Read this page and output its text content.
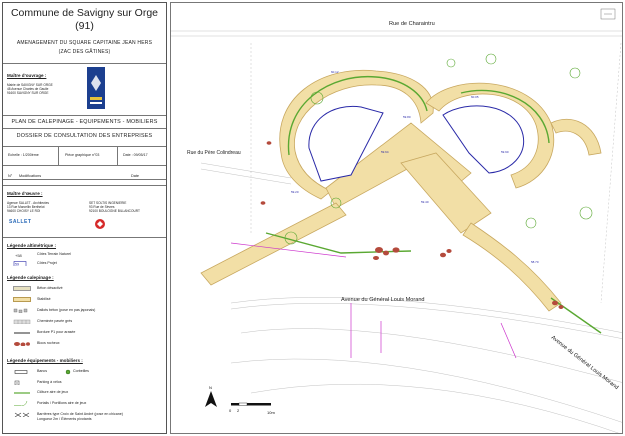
Commune de Savigny sur Orge
(91)
AMENAGEMENT DU SQUARE CAPITAINE JEAN HERS
(ZAC DES GÂTINES)
Maître d'ouvrage :
Mairie de SAVIGNY SUR ORGE
48 Avenue Charles de Gaulle
91600 SAVIGNY SUR ORGE
PLAN DE CALEPINAGE - EQUIPEMENTS - MOBILIERS
DOSSIER DE CONSULTATION DES ENTREPRISES
Echelle : 1/200ème	Pièce graphique n°03	Date : 09/05/17
N° Modifications	Date
Maître d'œuvre :
Agence SALLET - Architectes
13 Rue Marcellin Berthelot
94600 CHOISY LE ROI
SET SOLTIS INGENIERIE
93 Rue de Sèvres
92100 BOULOGNE BILLANCOURT
SALLET
Légende altimétrique :
+58	Côtes Terrain Naturel
59	Côtes Projet
Légende calepinage :
Béton désactivé
Stabilisé
Dallots béton (pose en pas japonais)
Cheminée pavée grès
Bordure P1 pour arasée
Blocs rocheux
Légende équipements - mobiliers :
Bancs	Corbeilles
Parking à vélos
Clôture aire de jeux
Portails / Portillons aire de jeux
Barrières type Croix de Saint André (pose en chicane)
Longueur 2m / Éléments pivotants
60.12
59.80
60.05
59.64
59.40
59.90
59.20
58.70
Rue de Charaintru
Rue du Père Colindreau
Avenue du Général Louis Morand
Avenue du Général Louis Morand
0 2	10m
N
